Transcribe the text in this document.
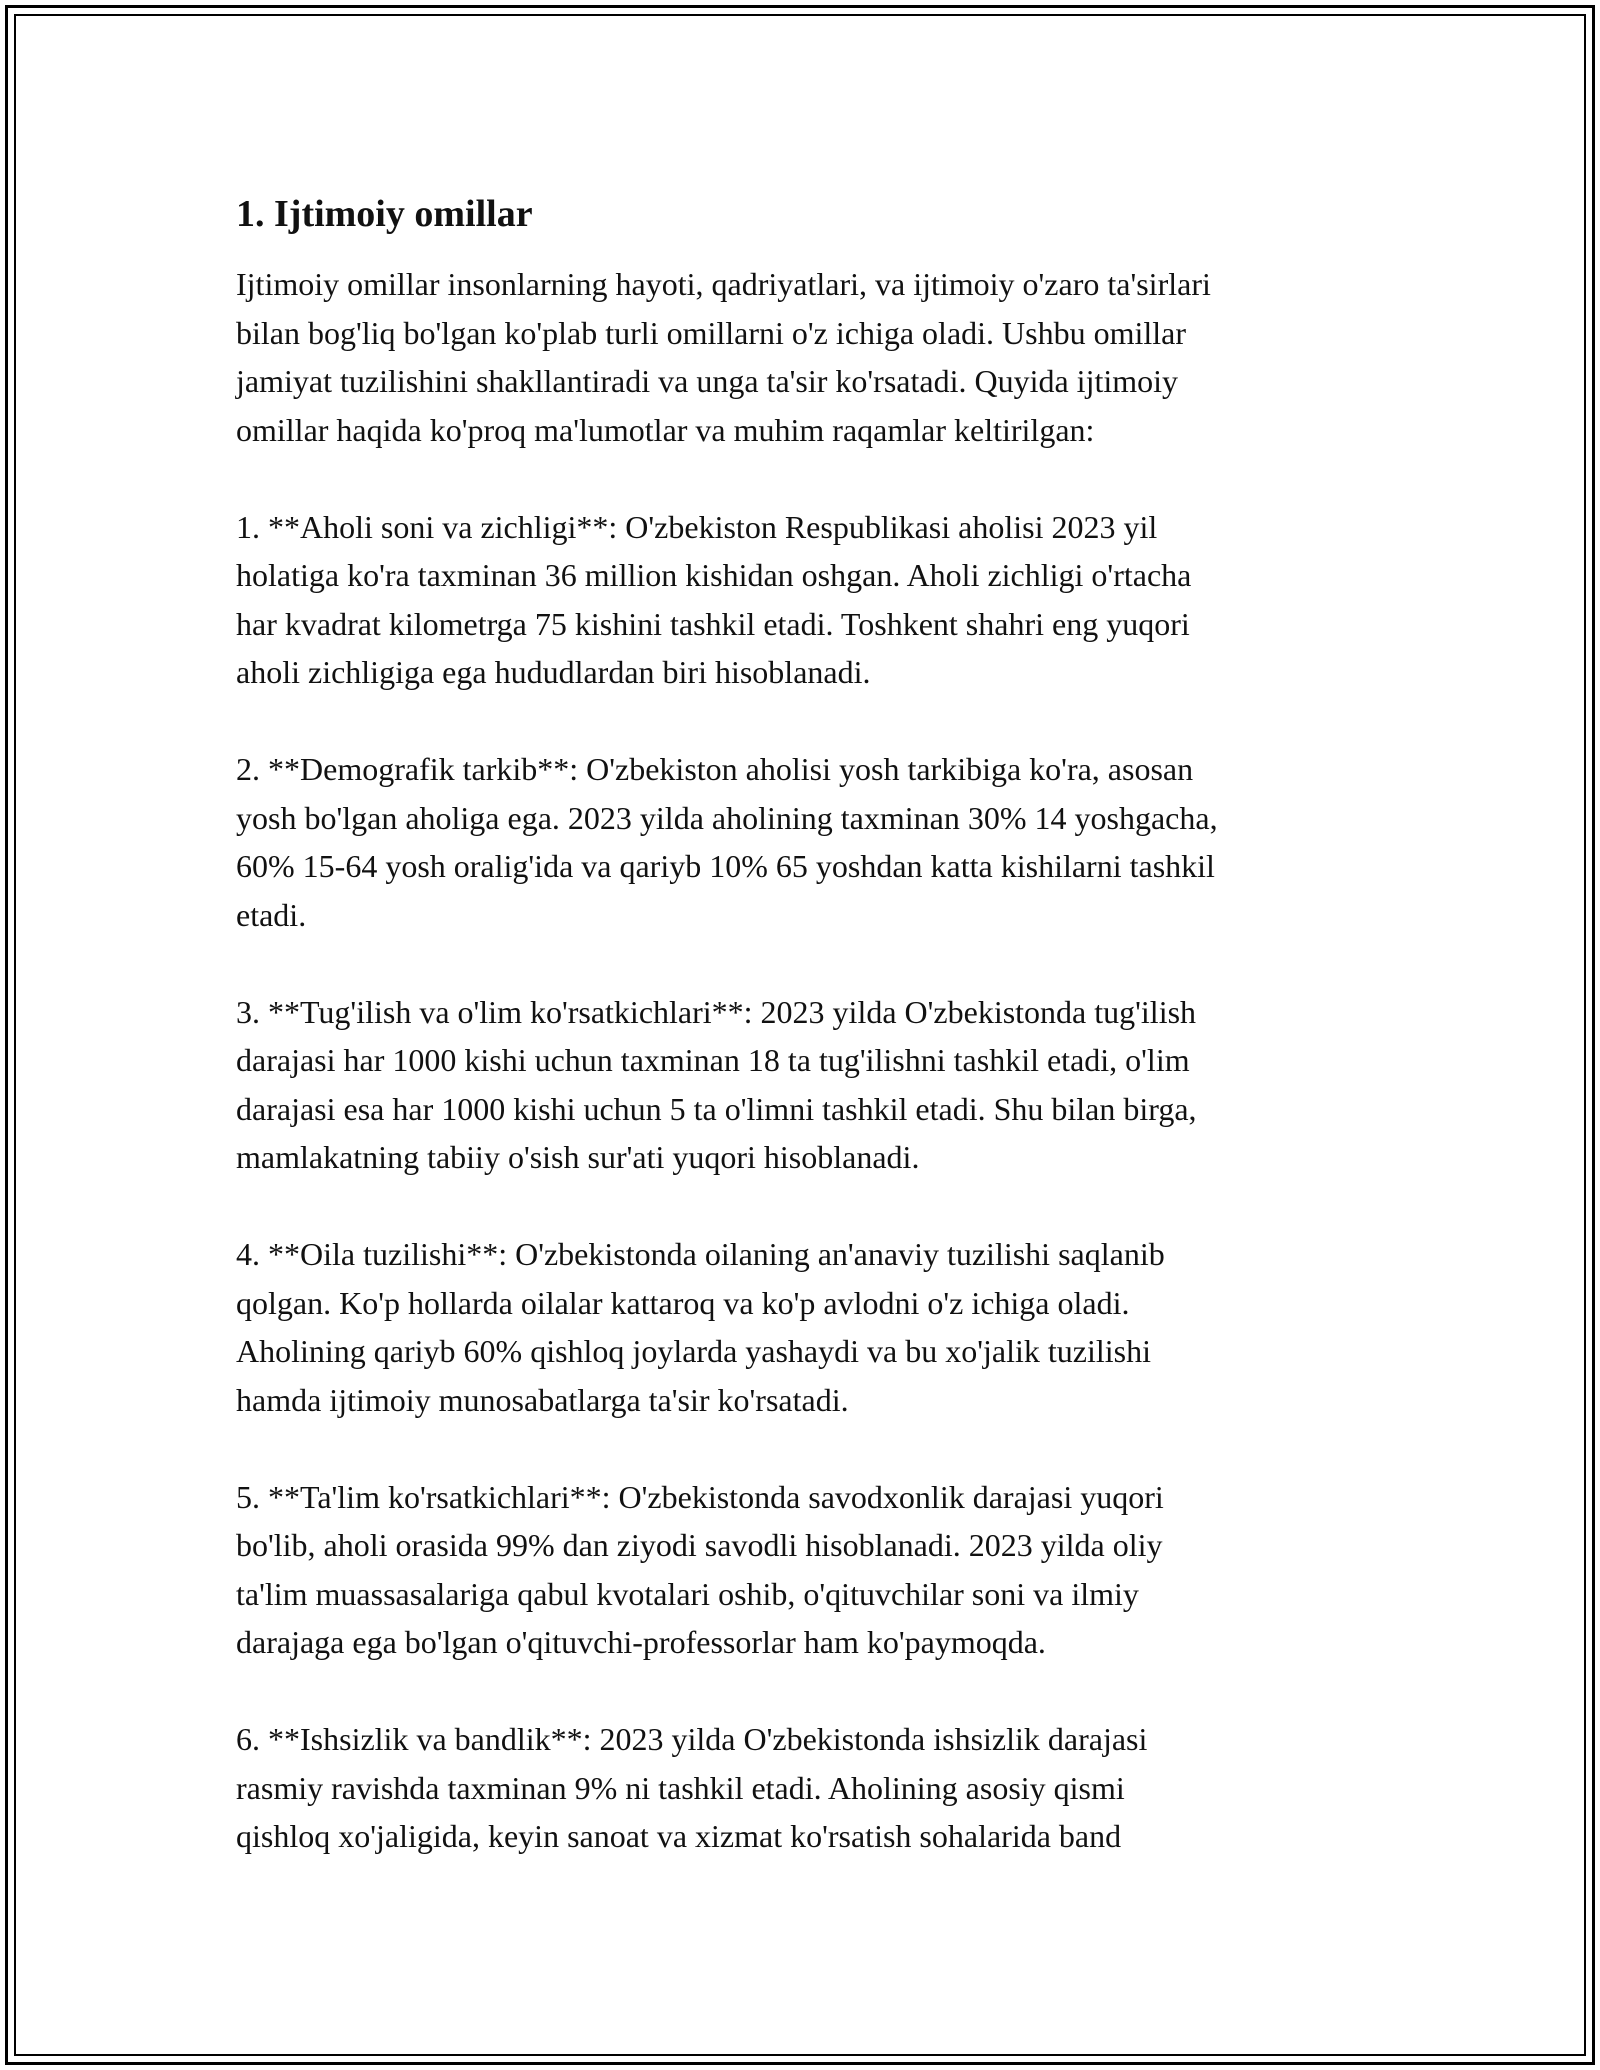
1. Ijtimoiy omillar

Ijtimoiy omillar insonlarning hayoti, qadriyatlari, va ijtimoiy o'zaro ta'sirlari
bilan bog'liq bo'lgan ko'plab turli omillarni o'z ichiga oladi. Ushbu omillar
jamiyat tuzilishini shakllantiradi va unga ta'sir ko'rsatadi. Quyida ijtimoiy
omillar haqida ko'proq ma'lumotlar va muhim raqamlar keltirilgan:

1. **Aholi soni va zichligi**: O'zbekiston Respublikasi aholisi 2023 yil
holatiga ko'ra taxminan 36 million kishidan oshgan. Aholi zichligi o'rtacha
har kvadrat kilometrga 75 kishini tashkil etadi. Toshkent shahri eng yuqori
aholi zichligiga ega hududlardan biri hisoblanadi.

2. **Demografik tarkib**: O'zbekiston aholisi yosh tarkibiga ko'ra, asosan
yosh bo'lgan aholiga ega. 2023 yilda aholining taxminan 30% 14 yoshgacha,
60% 15-64 yosh oralig'ida va qariyb 10% 65 yoshdan katta kishilarni tashkil
etadi.

3. **Tug'ilish va o'lim ko'rsatkichlari**: 2023 yilda O'zbekistonda tug'ilish
darajasi har 1000 kishi uchun taxminan 18 ta tug'ilishni tashkil etadi, o'lim
darajasi esa har 1000 kishi uchun 5 ta o'limni tashkil etadi. Shu bilan birga,
mamlakatning tabiiy o'sish sur'ati yuqori hisoblanadi.

4. **Oila tuzilishi**: O'zbekistonda oilaning an'anaviy tuzilishi saqlanib
qolgan. Ko'p hollarda oilalar kattaroq va ko'p avlodni o'z ichiga oladi.
Aholining qariyb 60% qishloq joylarda yashaydi va bu xo'jalik tuzilishi
hamda ijtimoiy munosabatlarga ta'sir ko'rsatadi.

5. **Ta'lim ko'rsatkichlari**: O'zbekistonda savodxonlik darajasi yuqori
bo'lib, aholi orasida 99% dan ziyodi savodli hisoblanadi. 2023 yilda oliy
ta'lim muassasalariga qabul kvotalari oshib, o'qituvchilar soni va ilmiy
darajaga ega bo'lgan o'qituvchi-professorlar ham ko'paymoqda.

6. **Ishsizlik va bandlik**: 2023 yilda O'zbekistonda ishsizlik darajasi
rasmiy ravishda taxminan 9% ni tashkil etadi. Aholining asosiy qismi
qishloq xo'jaligida, keyin sanoat va xizmat ko'rsatish sohalarida band
